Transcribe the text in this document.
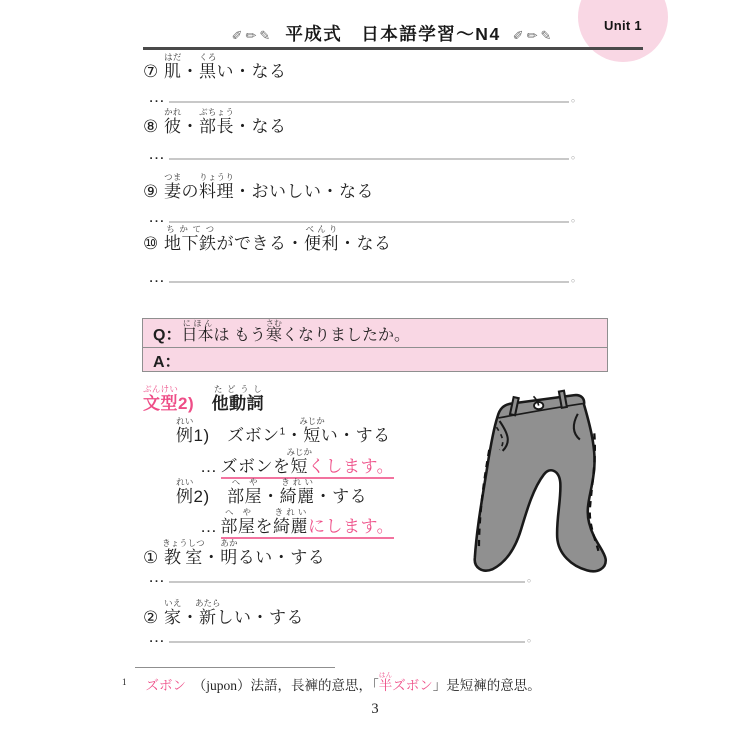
Unit 1
✐✏✎ 平成式　日本語学習〜N4 ✐✏✎
⑦ 肌はだ・黒くろい・なる
…	。
⑧ 彼かれ・部長ぶちょう・なる
…	。
⑨ 妻つまの料理りょうり・おいしい・なる
…	。
⑩ 地下鉄ちかてつができる・便利べんり・なる
…	。
Q：日本にほんは もう寒さむくなりましたか。
A：
文型ぶんけい2)　 他動詞たどうし
例れい1)　ズボン$^1$・短みじかい・する
… ズボンを短みじかくします。
例れい2)　部屋へや・綺麗きれい・する
… 部屋へやを綺麗きれいにします。
① 教室きょうしつ・明あかるい・する
…	。
② 家いえ・新あたらしい・する
…	。
$^1$ ズボン　（jupon）法語，長褲的意思，「半はんズボン」是短褲的意思。
3
